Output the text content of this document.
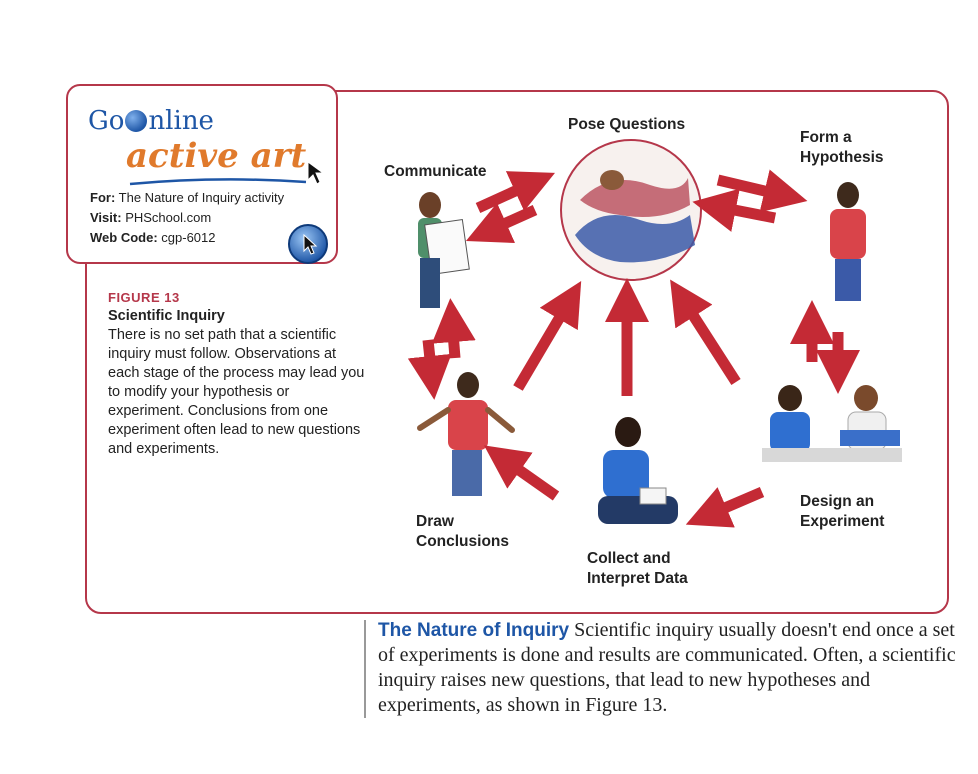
Go nline
active art
For: The Nature of Inquiry activity
Visit: PHSchool.com
Web Code: cgp-6012
FIGURE 13
Scientific Inquiry
There is no set path that a scientific inquiry must follow. Observations at each stage of the process may lead you to modify your hypothesis or experiment. Conclusions from one experiment often lead to new questions and experiments.
Pose Questions
Form a
Hypothesis
Communicate
Design an
Experiment
Collect and
Interpret Data
Draw
Conclusions
The Nature of Inquiry Scientific inquiry usually doesn't end once a set of experiments is done and results are communicated. Often, a scientific inquiry raises new questions, that lead to new hypotheses and experiments, as shown in Figure 13.
